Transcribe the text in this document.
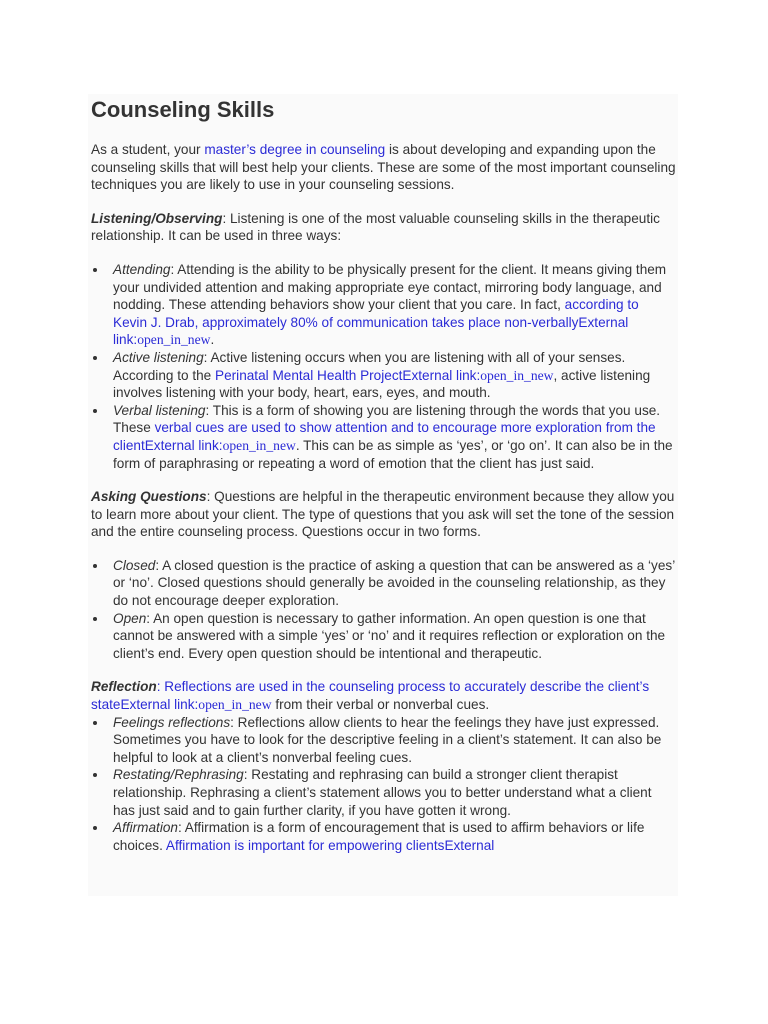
Counseling Skills

As a student, your master’s degree in counseling is about developing and expanding upon the counseling skills that will best help your clients. These are some of the most important counseling techniques you are likely to use in your counseling sessions.

Listening/Observing: Listening is one of the most valuable counseling skills in the therapeutic relationship. It can be used in three ways:

Attending: Attending is the ability to be physically present for the client. It means giving them your undivided attention and making appropriate eye contact, mirroring body language, and nodding. These attending behaviors show your client that you care. In fact, according to Kevin J. Drab, approximately 80% of communication takes place non-verballyExternal link:open_in_new.
Active listening: Active listening occurs when you are listening with all of your senses. According to the Perinatal Mental Health ProjectExternal link:open_in_new, active listening involves listening with your body, heart, ears, eyes, and mouth.
Verbal listening: This is a form of showing you are listening through the words that you use. These verbal cues are used to show attention and to encourage more exploration from the clientExternal link:open_in_new. This can be as simple as ‘yes’, or ‘go on’. It can also be in the form of paraphrasing or repeating a word of emotion that the client has just said.

Asking Questions: Questions are helpful in the therapeutic environment because they allow you to learn more about your client. The type of questions that you ask will set the tone of the session and the entire counseling process. Questions occur in two forms.

Closed: A closed question is the practice of asking a question that can be answered as a ‘yes’ or ‘no’. Closed questions should generally be avoided in the counseling relationship, as they do not encourage deeper exploration.
Open: An open question is necessary to gather information. An open question is one that cannot be answered with a simple ‘yes’ or ‘no’ and it requires reflection or exploration on the client’s end. Every open question should be intentional and therapeutic.

Reflection: Reflections are used in the counseling process to accurately describe the client’s stateExternal link:open_in_new from their verbal or nonverbal cues.

Feelings reflections: Reflections allow clients to hear the feelings they have just expressed. Sometimes you have to look for the descriptive feeling in a client’s statement. It can also be helpful to look at a client’s nonverbal feeling cues.
Restating/Rephrasing: Restating and rephrasing can build a stronger client therapist relationship. Rephrasing a client’s statement allows you to better understand what a client has just said and to gain further clarity, if you have gotten it wrong.
Affirmation: Affirmation is a form of encouragement that is used to affirm behaviors or life choices. Affirmation is important for empowering clientsExternal
